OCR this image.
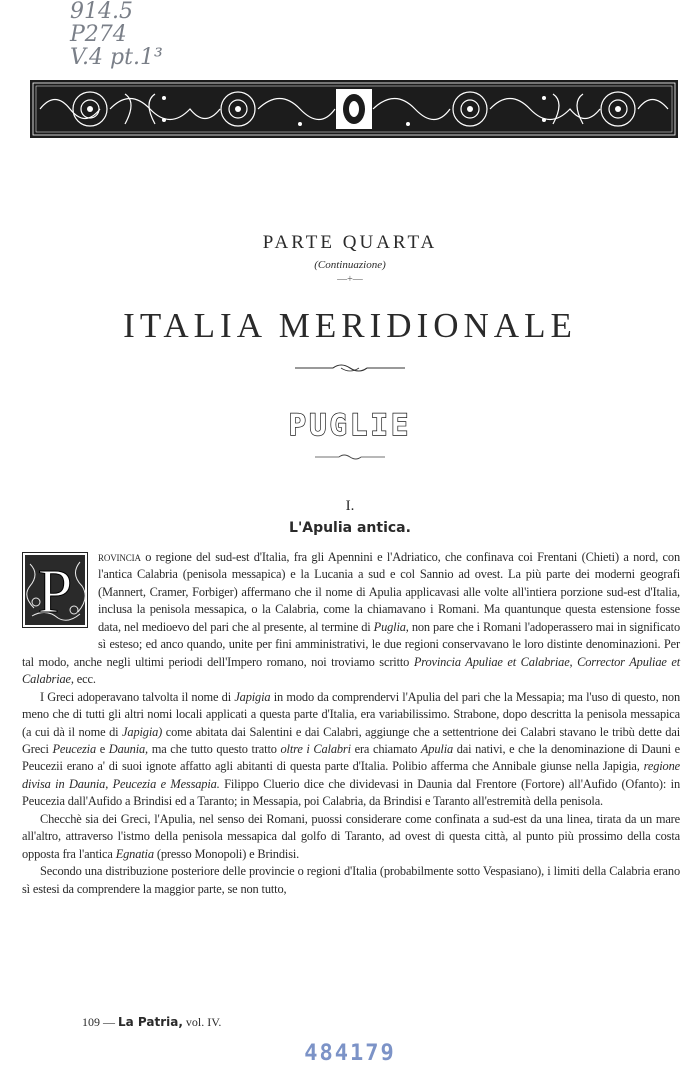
914.5
P274
V.4 pt.1³
PARTE QUARTA
(Continuazione)
—+—
ITALIA MERIDIONALE
PUGLIE
I.
L'Apulia antica.
P

rovincia o regione del sud-est d'Italia, fra gli Apennini e l'Adriatico, che confinava coi Frentani (Chieti) a nord, con l'antica Calabria (penisola messapica) e la Lucania a sud e col Sannio ad ovest. La più parte dei moderni geografi (Mannert, Cramer, Forbiger) affermano che il nome di Apulia applicavasi alle volte all'intiera porzione sud-est d'Italia, inclusa la penisola messapica, o la Calabria, come la chiamavano i Romani. Ma quantunque questa estensione fosse data, nel medioevo del pari che al presente, al termine di Puglia, non pare che i Romani l'adoperassero mai in significato sì esteso; ed anco quando, unite per fini amministrativi, le due regioni conservavano le loro distinte denominazioni. Per tal modo, anche negli ultimi periodi dell'Impero romano, noi troviamo scritto Provincia Apuliae et Calabriae, Corrector Apuliae et Calabriae, ecc.

I Greci adoperavano talvolta il nome di Japigia in modo da comprendervi l'Apulia del pari che la Messapia; ma l'uso di questo, non meno che di tutti gli altri nomi locali applicati a questa parte d'Italia, era variabilissimo. Strabone, dopo descritta la penisola messapica (a cui dà il nome di Japigia) come abitata dai Salentini e dai Calabri, aggiunge che a settentrione dei Calabri stavano le tribù dette dai Greci Peucezia e Daunia, ma che tutto questo tratto oltre i Calabri era chiamato Apulia dai nativi, e che la denominazione di Dauni e Peucezii erano a' di suoi ignote affatto agli abitanti di questa parte d'Italia. Polibio afferma che Annibale giunse nella Japigia, regione divisa in Daunia, Peucezia e Messapia. Filippo Cluerio dice che dividevasi in Daunia dal Frentore (Fortore) all'Aufido (Ofanto): in Peucezia dall'Aufido a Brindisi ed a Taranto; in Messapia, poi Calabria, da Brindisi e Taranto all'estremità della penisola.

Checchè sia dei Greci, l'Apulia, nel senso dei Romani, puossi considerare come confinata a sud-est da una linea, tirata da un mare all'altro, attraverso l'istmo della penisola messapica dal golfo di Taranto, ad ovest di questa città, al punto più prossimo della costa opposta fra l'antica Egnatia (presso Monopoli) e Brindisi.

Secondo una distribuzione posteriore delle provincie o regioni d'Italia (probabilmente sotto Vespasiano), i limiti della Calabria erano sì estesi da comprendere la maggior parte, se non tutto,

109 — La Patria, vol. IV.
484179
